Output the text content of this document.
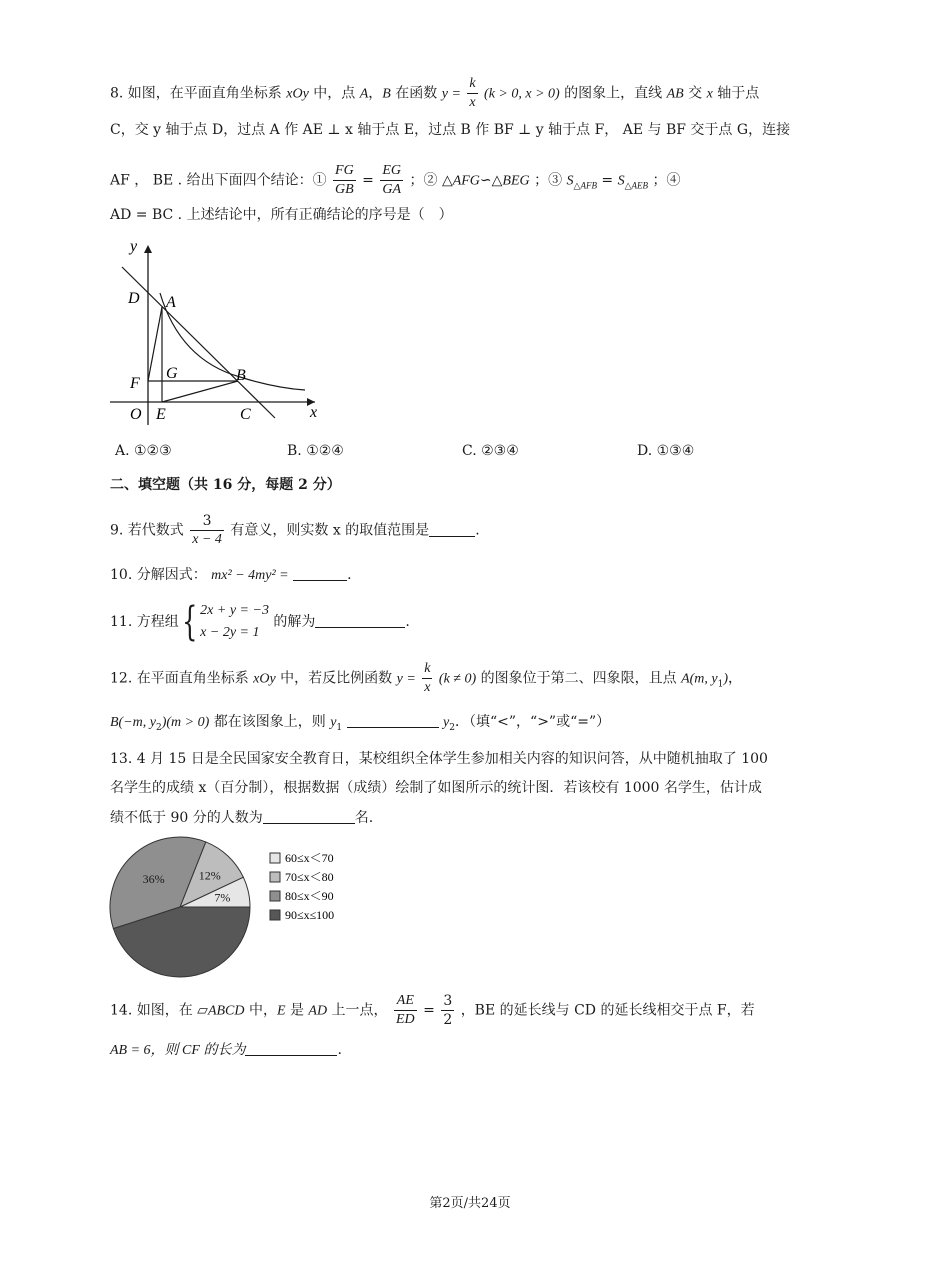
8. 如图，在平面直角坐标系 xOy 中，点 A，B 在函数 $y = \frac{k}{x} (k > 0$, x > 0) 的图象上，直线 AB 交 x 轴于点
C，交 y 轴于点 D，过点 A 作 AE ⊥ x 轴于点 E，过点 B 作 BF ⊥ y 轴于点 F， AE 与 BF 交于点 G，连接
AF ， BE . 给出下面四个结论：① $\frac{FG}{GB} = \frac{EG}{GA}$ ；② △AFG∽△BEG ；③ $S_{\triangle AFB} = S_{\triangle AEB}$ ；④
AD = BC . 上述结论中，所有正确结论的序号是（　）
y
x
D A
F
G	B
O E	C
A. ①②③	B. ①②④	C. ②③④	D. ①③④
二、填空题（共 16 分，每题 2 分）
9. 若代数式 $\frac{3}{x - 4}$ 有意义，则实数 x 的取值范围是	.
10. 分解因式： mx² − 4my² =	.
11. 方程组{ 2x + y = −3
x − 2y = 1
的解为	.
12. 在平面直角坐标系 xOy 中，若反比例函数 $y = \frac{k}{x} (k \ne 0)$ 的图象位于第二、四象限，且点 A(m, $y_1$)，
B(−m, $y_2)(m > 0)$ 都在该图象上，则 $y_1$	$y_2$．（填“<”，“>”或“=”）
13. 4 月 15 日是全民国家安全教育日，某校组织全体学生参加相关内容的知识问答，从中随机抽取了 100
名学生的成绩 x（百分制），根据数据（成绩）绘制了如图所示的统计图．若该校有 1000 名学生，估计成
绩不低于 90 分的人数为	名.
7%
12%
36%
60≤x＜70
70≤x＜80
80≤x＜90
90≤x≤100
14. 如图，在 ▱ABCD 中，E 是 AD 上一点， $\frac{AE}{ED} = \frac{3}{2}$ ，BE 的延长线与 CD 的延长线相交于点 F，若
AB = 6，则 CF 的长为	.
第2页/共24页
